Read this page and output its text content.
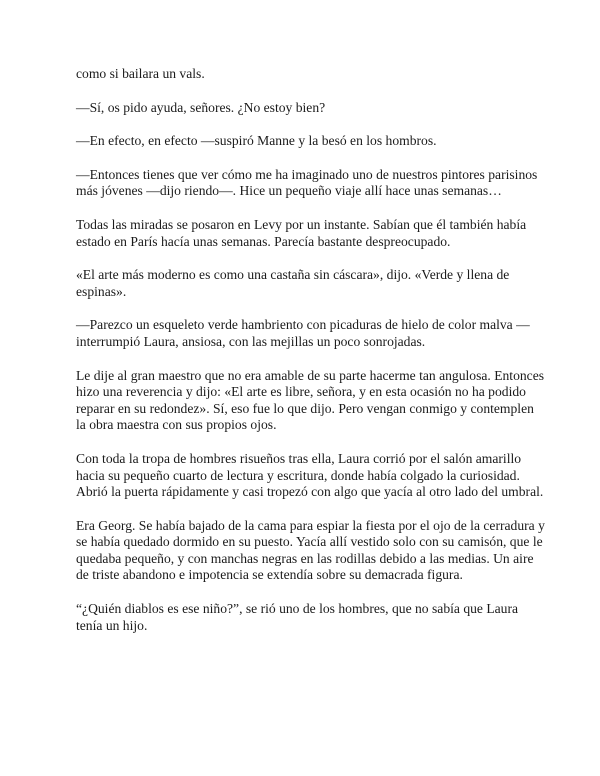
como si bailara un vals.

—Sí, os pido ayuda, señores. ¿No estoy bien?

—En efecto, en efecto —suspiró Manne y la besó en los hombros.

—Entonces tienes que ver cómo me ha imaginado uno de nuestros pintores parisinos más jóvenes —dijo riendo—. Hice un pequeño viaje allí hace unas semanas…

Todas las miradas se posaron en Levy por un instante. Sabían que él también había estado en París hacía unas semanas. Parecía bastante despreocupado.

«El arte más moderno es como una castaña sin cáscara», dijo. «Verde y llena de espinas».

—Parezco un esqueleto verde hambriento con picaduras de hielo de color malva —interrumpió Laura, ansiosa, con las mejillas un poco sonrojadas.

Le dije al gran maestro que no era amable de su parte hacerme tan angulosa. Entonces hizo una reverencia y dijo: «El arte es libre, señora, y en esta ocasión no ha podido reparar en su redondez». Sí, eso fue lo que dijo. Pero vengan conmigo y contemplen la obra maestra con sus propios ojos.

Con toda la tropa de hombres risueños tras ella, Laura corrió por el salón amarillo hacia su pequeño cuarto de lectura y escritura, donde había colgado la curiosidad. Abrió la puerta rápidamente y casi tropezó con algo que yacía al otro lado del umbral.

Era Georg. Se había bajado de la cama para espiar la fiesta por el ojo de la cerradura y se había quedado dormido en su puesto. Yacía allí vestido solo con su camisón, que le quedaba pequeño, y con manchas negras en las rodillas debido a las medias. Un aire de triste abandono e impotencia se extendía sobre su demacrada figura.

“¿Quién diablos es ese niño?”, se rió uno de los hombres, que no sabía que Laura tenía un hijo.
